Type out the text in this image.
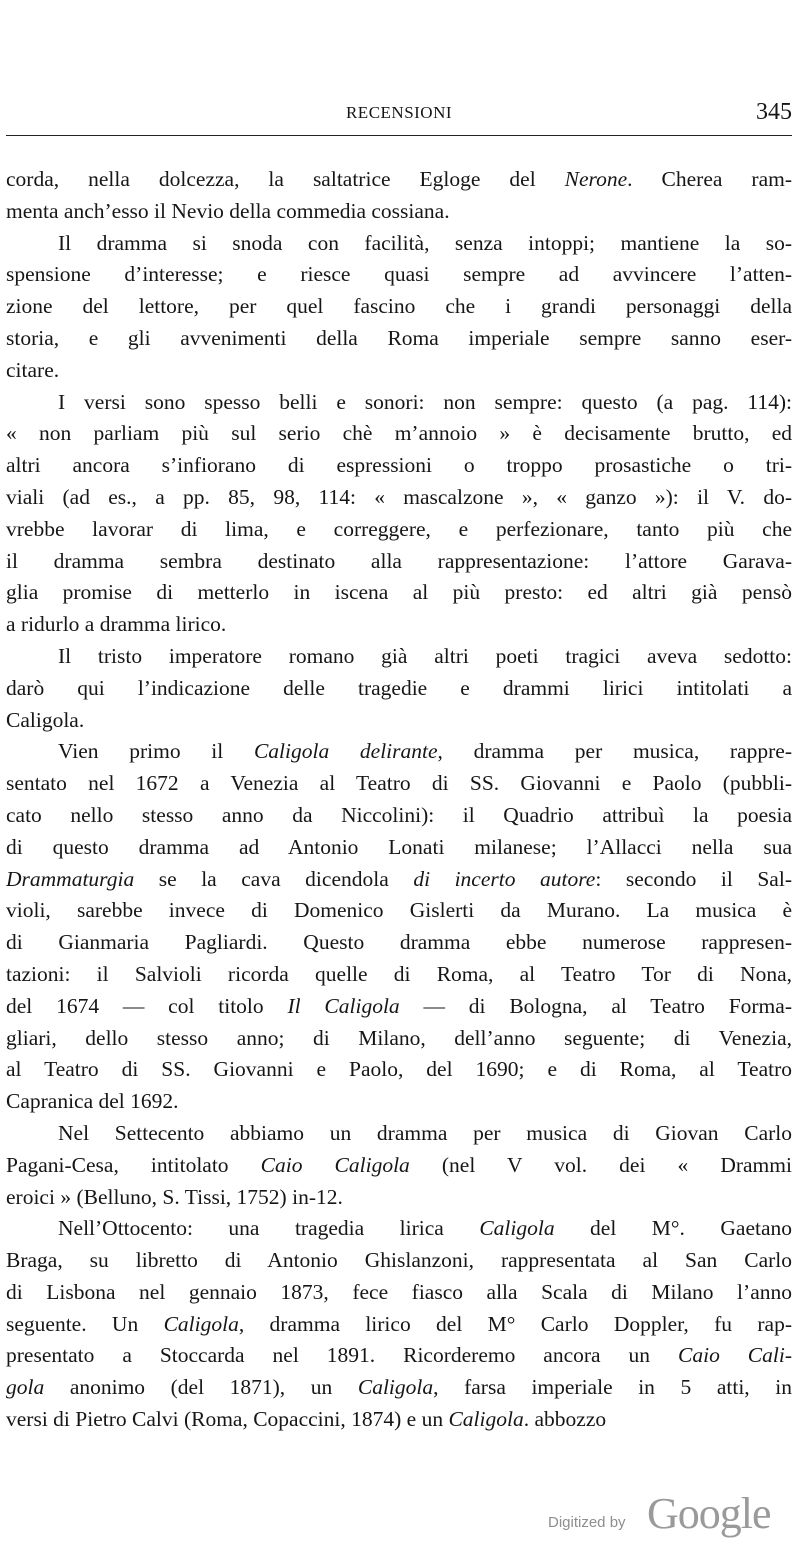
RECENSIONI	345
corda, nella dolcezza, la saltatrice Egloge del Nerone. Cherea ram-
menta anch’esso il Nevio della commedia cossiana.
Il dramma si snoda con facilità, senza intoppi; mantiene la so-
spensione d’interesse; e riesce quasi sempre ad avvincere l’atten-
zione del lettore, per quel fascino che i grandi personaggi della
storia, e gli avvenimenti della Roma imperiale sempre sanno eser-
citare.
I versi sono spesso belli e sonori: non sempre: questo (a pag. 114):
« non parliam più sul serio chè m’annoio » è decisamente brutto, ed
altri ancora s’infiorano di espressioni o troppo prosastiche o tri-
viali (ad es., a pp. 85, 98, 114: « mascalzone », « ganzo »): il V. do-
vrebbe lavorar di lima, e correggere, e perfezionare, tanto più che
il dramma sembra destinato alla rappresentazione: l’attore Garava-
glia promise di metterlo in iscena al più presto: ed altri già pensò
a ridurlo a dramma lirico.
Il tristo imperatore romano già altri poeti tragici aveva sedotto:
darò qui l’indicazione delle tragedie e drammi lirici intitolati a
Caligola.
Vien primo il Caligola delirante, dramma per musica, rappre-
sentato nel 1672 a Venezia al Teatro di SS. Giovanni e Paolo (pubbli-
cato nello stesso anno da Niccolini): il Quadrio attribuì la poesia
di questo dramma ad Antonio Lonati milanese; l’Allacci nella sua
Drammaturgia se la cava dicendola di incerto autore: secondo il Sal-
violi, sarebbe invece di Domenico Gislerti da Murano. La musica è
di Gianmaria Pagliardi. Questo dramma ebbe numerose rappresen-
tazioni: il Salvioli ricorda quelle di Roma, al Teatro Tor di Nona,
del 1674 — col titolo Il Caligola — di Bologna, al Teatro Forma-
gliari, dello stesso anno; di Milano, dell’anno seguente; di Venezia,
al Teatro di SS. Giovanni e Paolo, del 1690; e di Roma, al Teatro
Capranica del 1692.
Nel Settecento abbiamo un dramma per musica di Giovan Carlo
Pagani-Cesa, intitolato Caio Caligola (nel V vol. dei « Drammi
eroici » (Belluno, S. Tissi, 1752) in-12.
Nell’Ottocento: una tragedia lirica Caligola del M°. Gaetano
Braga, su libretto di Antonio Ghislanzoni, rappresentata al San Carlo
di Lisbona nel gennaio 1873, fece fiasco alla Scala di Milano l’anno
seguente. Un Caligola, dramma lirico del M° Carlo Doppler, fu rap-
presentato a Stoccarda nel 1891. Ricorderemo ancora un Caio Cali-
gola anonimo (del 1871), un Caligola, farsa imperiale in 5 atti, in
versi di Pietro Calvi (Roma, Copaccini, 1874) e un Caligola. abbozzo
Digitized by Google
